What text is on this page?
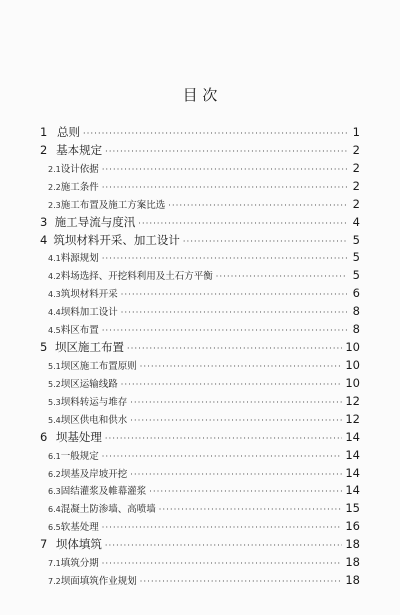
目 次
1 总则 ·····	1
2 基本规定 ·····	2
2.1 设计依据 ·····	2
2.2 施工条件 ·····	2
2.3 施工布置及施工方案比选 ·····	2
3 施工导流与度汛 ·····	4
4 筑坝材料开采、加工设计 ·····	5
4.1 料源规划 ·····	5
4.2 料场选择、开挖料利用及土石方平衡 ·····	5
4.3 筑坝材料开采 ·····	6
4.4 坝料加工设计 ·····	8
4.5 料区布置 ·····	8
5 坝区施工布置 ·····	10
5.1 坝区施工布置原则 ·····	10
5.2 坝区运输线路 ·····	10
5.3 坝料转运与堆存 ·····	12
5.4 坝区供电和供水 ·····	12
6 坝基处理 ·····	14
6.1 一般规定 ·····	14
6.2 坝基及岸坡开挖 ·····	14
6.3 固结灌浆及帷幕灌浆 ·····	14
6.4 混凝土防渗墙、高喷墙 ·····	15
6.5 软基处理 ·····	16
7 坝体填筑 ·····	18
7.1 填筑分期 ·····	18
7.2 坝面填筑作业规划 ·····	18
